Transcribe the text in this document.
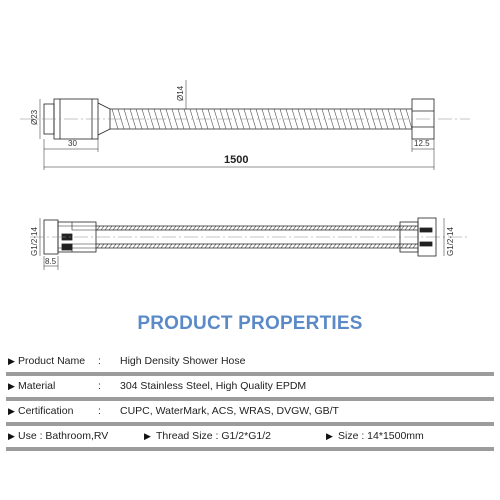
Ø23
Ø14
30
1500
12.5
G1/2-14	G1/2-14
8.5
PRODUCT PROPERTIES
▶ Product Name : High Density Shower Hose
▶ Material	: 304 Stainless Steel, High Quality EPDM
▶ Certification : CUPC, WaterMark, ACS, WRAS, DVGW, GB/T
▶ Use : Bathroom,RV	▶ Thread Size : G1/2*G1/2	▶ Size : 14*1500mm
